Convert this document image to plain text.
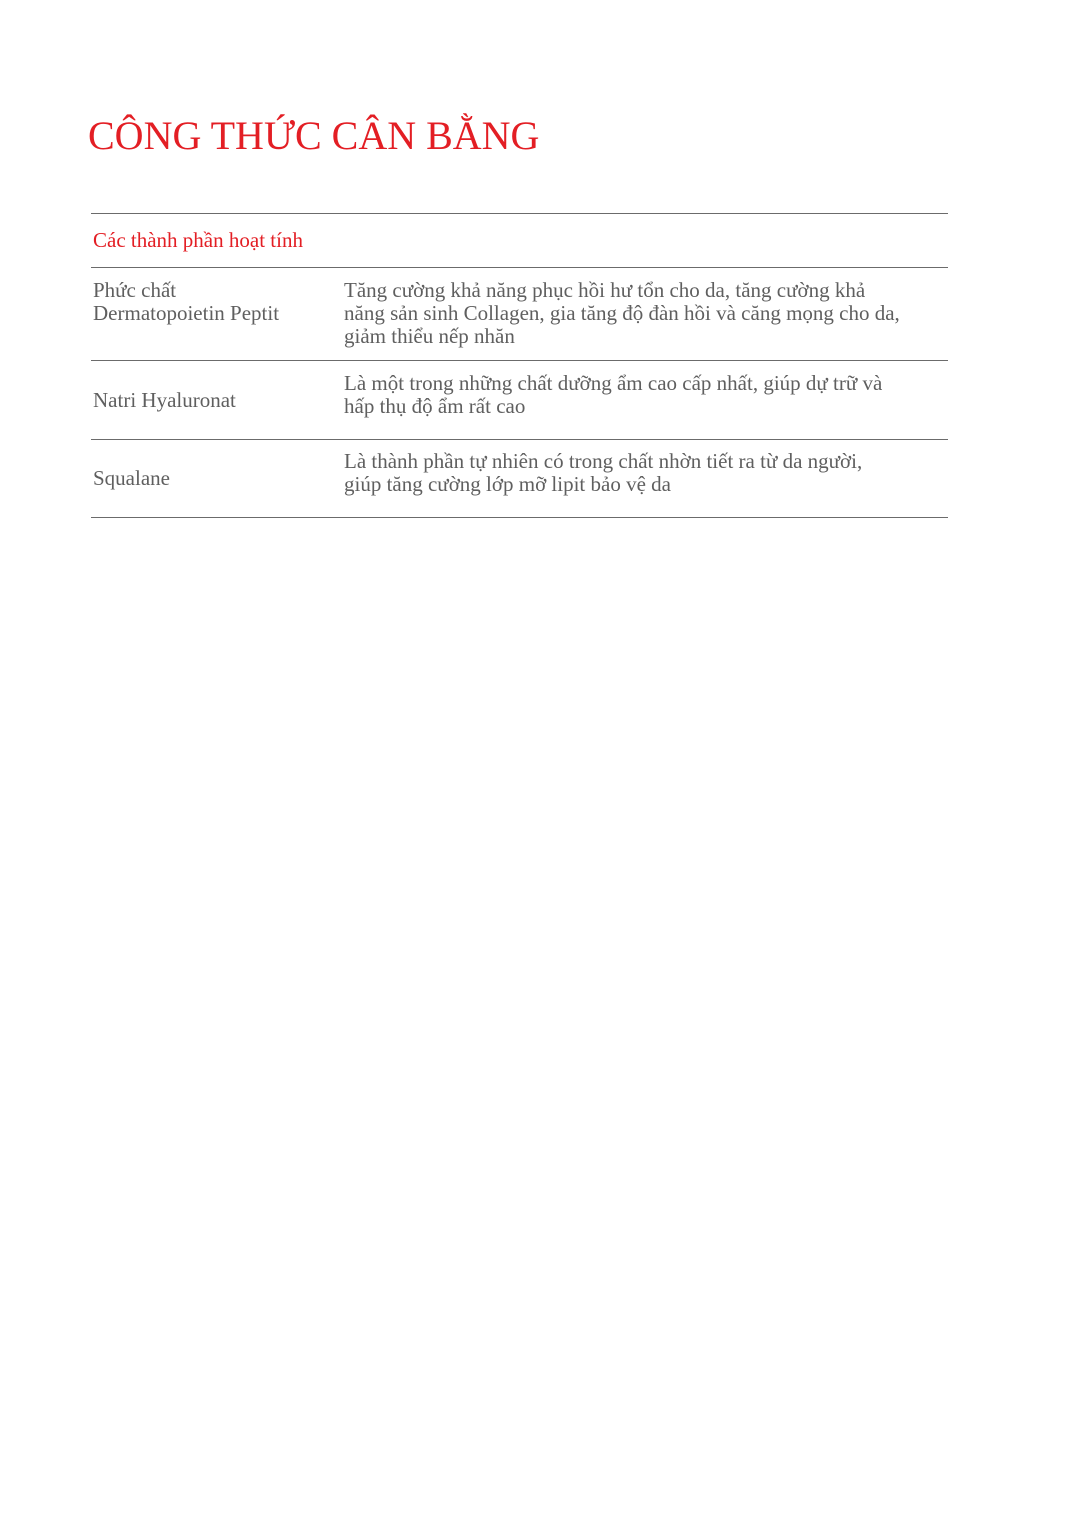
CÔNG THỨC CÂN BẰNG
Các thành phần hoạt tính
Phức chất
Dermatopoietin Peptit
Tăng cường khả năng phục hồi hư tổn cho da, tăng cường khả
năng sản sinh Collagen, gia tăng độ đàn hồi và căng mọng cho da,
giảm thiểu nếp nhăn
Natri Hyaluronat
Là một trong những chất dưỡng ẩm cao cấp nhất, giúp dự trữ và
hấp thụ độ ẩm rất cao
Squalane
Là thành phần tự nhiên có trong chất nhờn tiết ra từ da người,
giúp tăng cường lớp mỡ lipit bảo vệ da
